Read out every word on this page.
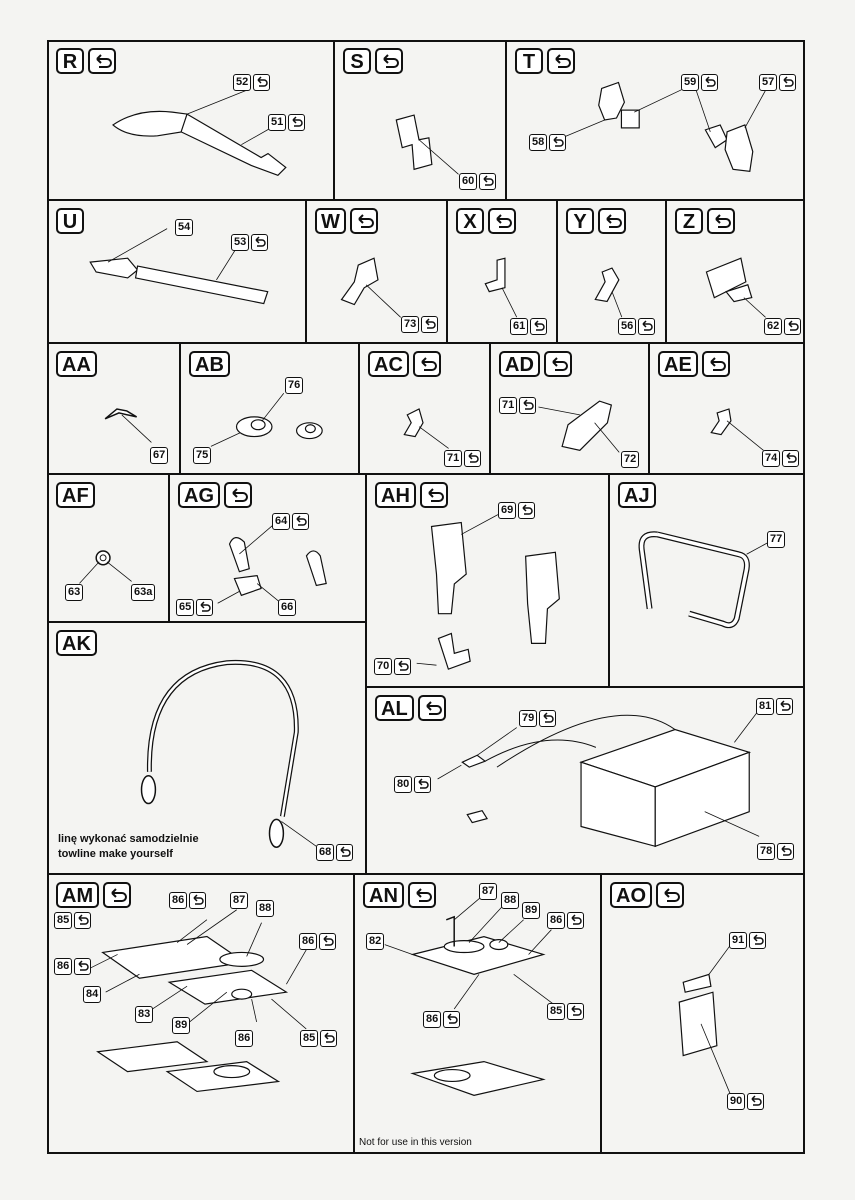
R
52
51
S
60
T
59	57
58
U	54
53
W
73
X
61
Y
56
Z
62
AA
67
AB
76
75
AC
71
AD
71
72
AE
74
AF
63	63a
AG
64
65	66
AH
69
70
AJ
77
AK
linę wykonać samodzielnie
towline make yourself	68
AL	79
81
80
78
AM	86	87
85
88
86
86
84
83
89
86	85
AN	87
88
89
86
82
85
86
Not for use in this version
AO
91
90
